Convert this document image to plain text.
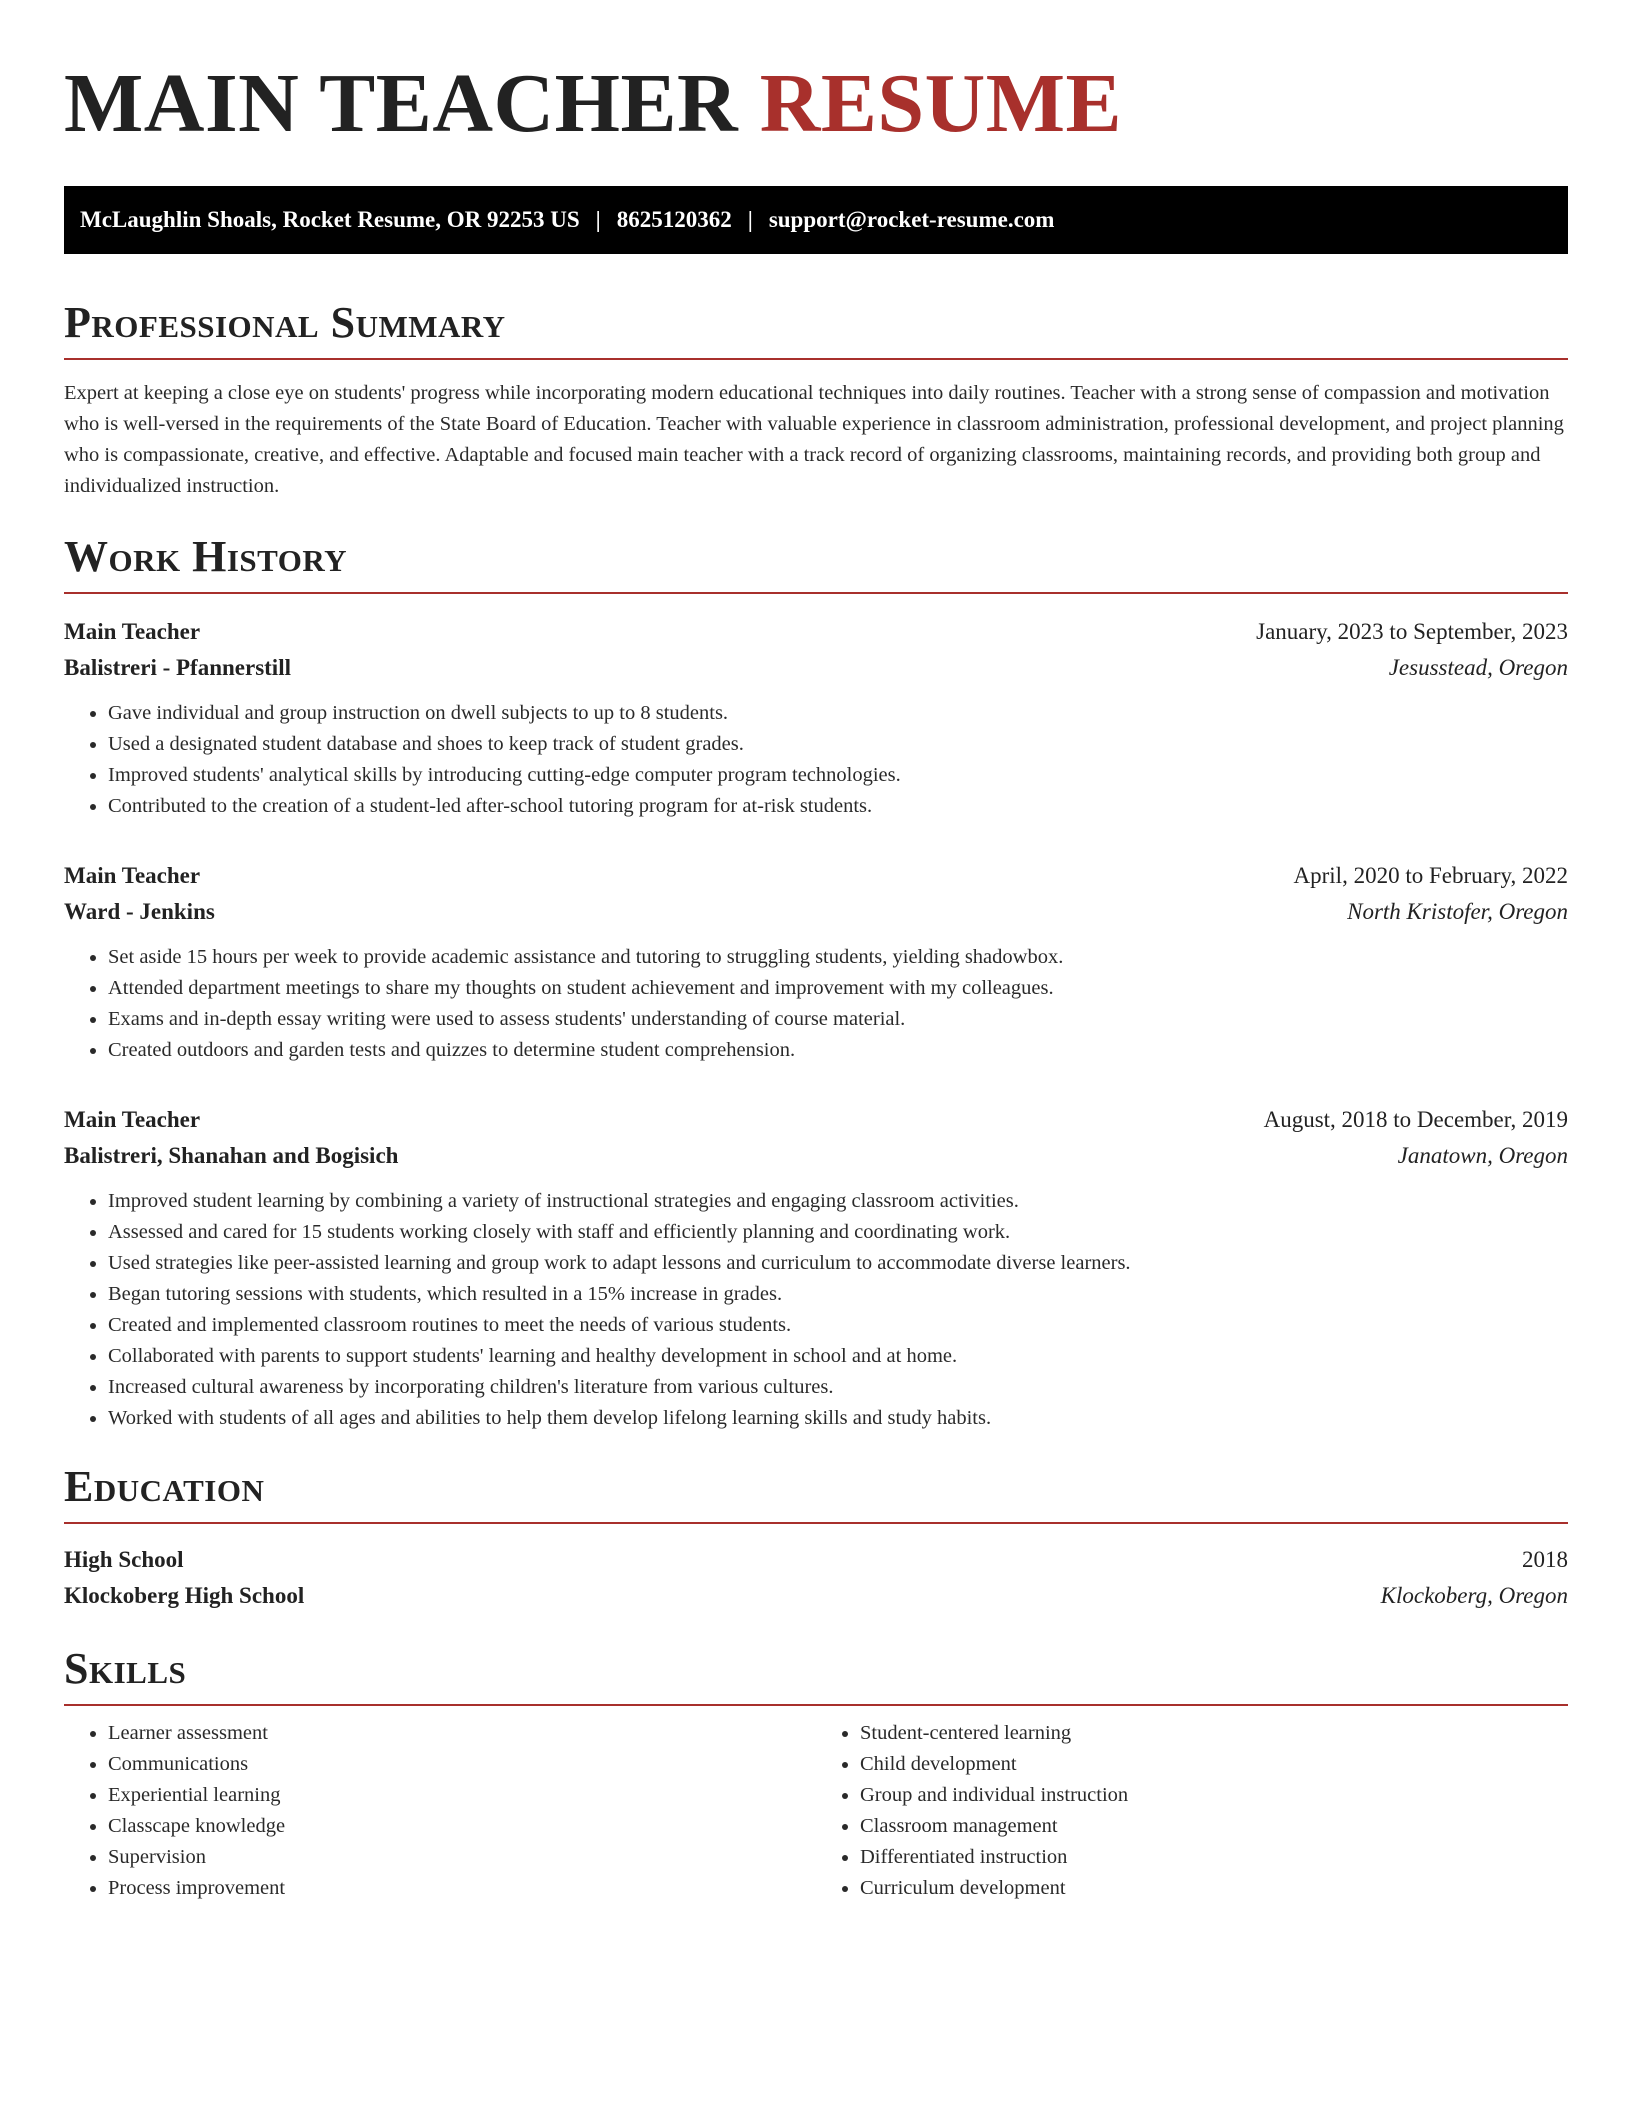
MAIN TEACHER RESUME
McLaughlin Shoals, Rocket Resume, OR 92253 US | 8625120362 | support@rocket-resume.com
Professional Summary

Expert at keeping a close eye on students' progress while incorporating modern educational techniques into daily routines. Teacher with a strong sense of compassion and motivation who is well-versed in the requirements of the State Board of Education. Teacher with valuable experience in classroom administration, professional development, and project planning who is compassionate, creative, and effective. Adaptable and focused main teacher with a track record of organizing classrooms, maintaining records, and providing both group and individualized instruction.

Work History
Main Teacher	January, 2023 to September, 2023
Balistreri - Pfannerstill	Jesusstead, Oregon
• Gave individual and group instruction on dwell subjects to up to 8 students.
• Used a designated student database and shoes to keep track of student grades.
• Improved students' analytical skills by introducing cutting-edge computer program technologies.
• Contributed to the creation of a student-led after-school tutoring program for at-risk students.
Main Teacher	April, 2020 to February, 2022
Ward - Jenkins	North Kristofer, Oregon
• Set aside 15 hours per week to provide academic assistance and tutoring to struggling students, yielding shadowbox.
• Attended department meetings to share my thoughts on student achievement and improvement with my colleagues.
• Exams and in-depth essay writing were used to assess students' understanding of course material.
• Created outdoors and garden tests and quizzes to determine student comprehension.
Main Teacher	August, 2018 to December, 2019
Balistreri, Shanahan and Bogisich	Janatown, Oregon
• Improved student learning by combining a variety of instructional strategies and engaging classroom activities.
• Assessed and cared for 15 students working closely with staff and efficiently planning and coordinating work.
• Used strategies like peer-assisted learning and group work to adapt lessons and curriculum to accommodate diverse learners.
• Began tutoring sessions with students, which resulted in a 15% increase in grades.
• Created and implemented classroom routines to meet the needs of various students.
• Collaborated with parents to support students' learning and healthy development in school and at home.
• Increased cultural awareness by incorporating children's literature from various cultures.
• Worked with students of all ages and abilities to help them develop lifelong learning skills and study habits.
Education
High School	2018
Klockoberg High School	Klockoberg, Oregon
Skills
• Learner assessment
• Communications
• Experiential learning
• Classcape knowledge
• Supervision
• Process improvement
• Student-centered learning
• Child development
• Group and individual instruction
• Classroom management
• Differentiated instruction
• Curriculum development
